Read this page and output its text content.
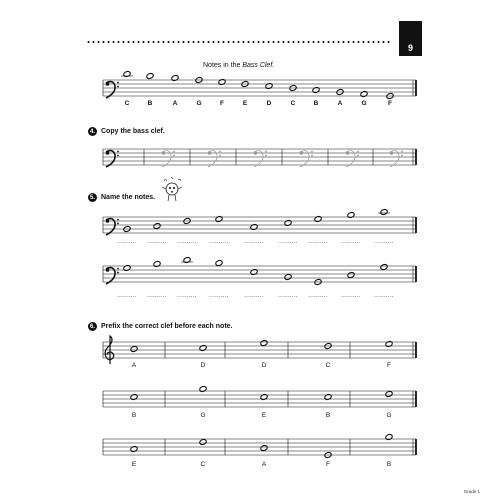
9
Notes in the Bass Clef.
C	B	A	G	F	E	D	C	B	A	G	F
4. Copy the bass clef.
5. Name the notes.
.......... .......... .......... ..........	.......... .......... .......... .......... ..........
.......... .......... .......... ..........	.......... .......... .......... .......... ..........
6. Prefix the correct clef before each note.
A	D	D	C	F
B	G	E	B	G
E	C	A	F	B
Grade 1
